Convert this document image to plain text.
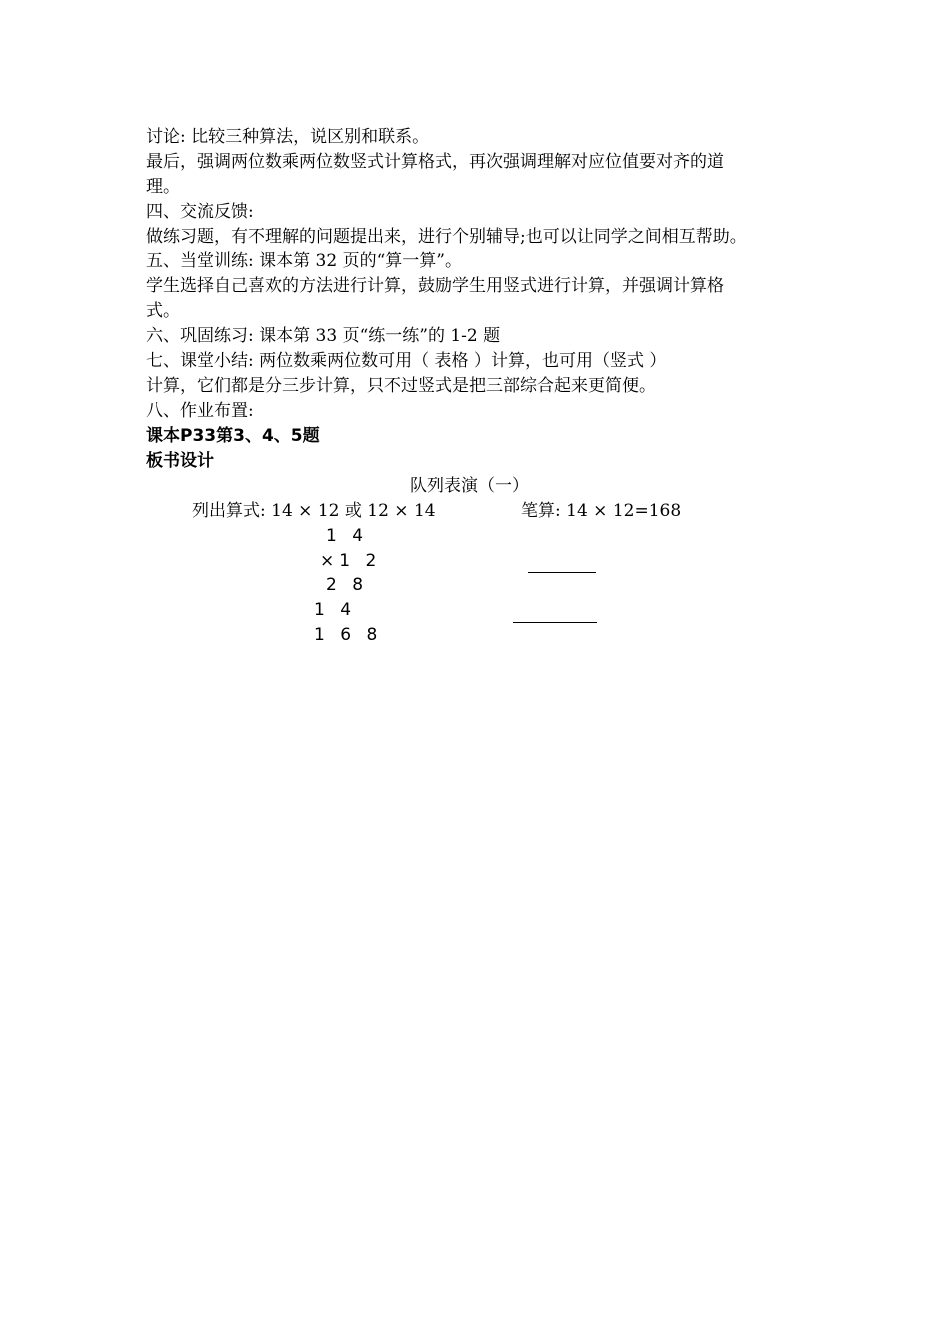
讨论: 比较三种算法，说区别和联系。
最后，强调两位数乘两位数竖式计算格式，再次强调理解对应位值要对齐的道
理。
四、交流反馈:
做练习题，有不理解的问题提出来，进行个别辅导;也可以让同学之间相互帮助。
五、当堂训练: 课本第 32 页的“算一算”。
学生选择自己喜欢的方法进行计算，鼓励学生用竖式进行计算，并强调计算格
式。
六、巩固练习: 课本第 33 页“练一练”的 1-2 题
七、课堂小结: 两位数乘两位数可用（ 表格 ）计算，也可用（竖式 ）
计算，它们都是分三步计算，只不过竖式是把三部综合起来更简便。
八、作业布置:
课本P33第3、4、5题
板书设计
队列表演（一）
列出算式: 14 × 12 或 12 × 14	笔算: 14 × 12=168
1 4
×1 2
2 8
1 4
1 6 8
